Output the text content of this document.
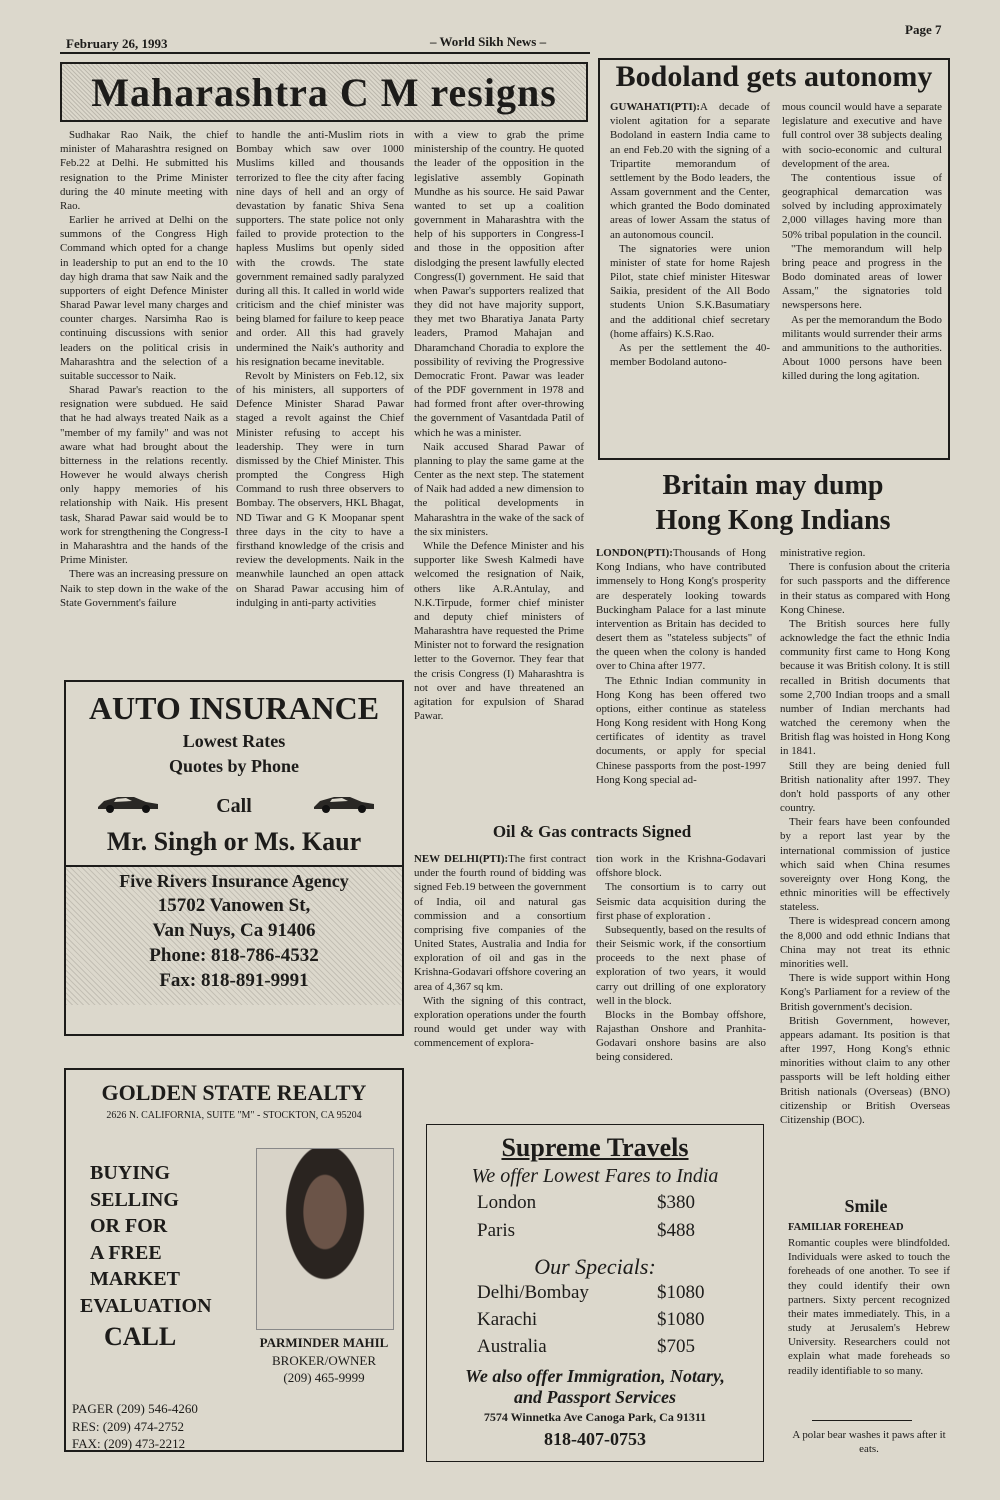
February 26, 1993	– World Sikh News –
Page 7
Maharashtra C M resigns

Sudhakar Rao Naik, the chief minister of Maharashtra resigned on Feb.22 at Delhi. He submitted his resignation to the Prime Minister during the 40 minute meeting with Rao.

Earlier he arrived at Delhi on the summons of the Congress High Command which opted for a change in leadership to put an end to the 10 day high drama that saw Naik and the supporters of eight Defence Minister Sharad Pawar level many charges and counter charges. Narsimha Rao is continuing discussions with senior leaders on the political crisis in Maharashtra and the selection of a suitable successor to Naik.

Sharad Pawar's reaction to the resignation were subdued. He said that he had always treated Naik as a "member of my family" and was not aware what had brought about the bitterness in the relations recently. However he would always cherish only happy memories of his relationship with Naik. His present task, Sharad Pawar said would be to work for strengthening the Congress-I in Maharashtra and the hands of the Prime Minister.

There was an increasing pressure on Naik to step down in the wake of the State Government's failure

to handle the anti-Muslim riots in Bombay which saw over 1000 Muslims killed and thousands terrorized to flee the city after facing nine days of hell and an orgy of devastation by fanatic Shiva Sena supporters. The state police not only failed to provide protection to the hapless Muslims but openly sided with the crowds. The state government remained sadly paralyzed during all this. It called in world wide criticism and the chief minister was being blamed for failure to keep peace and order. All this had gravely undermined the Naik's authority and his resignation became inevitable.

Revolt by Ministers on Feb.12, six of his ministers, all supporters of Defence Minister Sharad Pawar staged a revolt against the Chief Minister refusing to accept his leadership. They were in turn dismissed by the Chief Minister. This prompted the Congress High Command to rush three observers to Bombay. The observers, HKL Bhagat, ND Tiwar and G K Moopanar spent three days in the city to have a firsthand knowledge of the crisis and review the developments. Naik in the meanwhile launched an open attack on Sharad Pawar accusing him of indulging in anti-party activities

with a view to grab the prime ministership of the country. He quoted the leader of the opposition in the legislative assembly Gopinath Mundhe as his source. He said Pawar wanted to set up a coalition government in Maharashtra with the help of his supporters in Congress-I and those in the opposition after dislodging the present lawfully elected Congress(I) government. He said that when Pawar's supporters realized that they did not have majority support, they met two Bharatiya Janata Party leaders, Pramod Mahajan and Dharamchand Choradia to explore the possibility of reviving the Progressive Democratic Front. Pawar was leader of the PDF government in 1978 and had formed front after over-throwing the government of Vasantdada Patil of which he was a minister.

Naik accused Sharad Pawar of planning to play the same game at the Center as the next step. The statement of Naik had added a new dimension to the political developments in Maharashtra in the wake of the sack of the six ministers.

While the Defence Minister and his supporter like Swesh Kalmedi have welcomed the resignation of Naik, others like A.R.Antulay, and N.K.Tirpude, former chief minister and deputy chief ministers of Maharashtra have requested the Prime Minister not to forward the resignation letter to the Governor. They fear that the crisis Congress (I) Maharashtra is not over and have threatened an agitation for expulsion of Sharad Pawar.

Bodoland gets autonomy

GUWAHATI(PTI):A decade of violent agitation for a separate Bodoland in eastern India came to an end Feb.20 with the signing of a Tripartite memorandum of settlement by the Bodo leaders, the Assam government and the Center, which granted the Bodo dominated areas of lower Assam the status of an autonomous council.

The signatories were union minister of state for home Rajesh Pilot, state chief minister Hiteswar Saikia, president of the All Bodo students Union S.K.Basumatiary and the additional chief secretary (home affairs) K.S.Rao.

As per the settlement the 40-member Bodoland autono-

mous council would have a separate legislature and executive and have full control over 38 subjects dealing with socio-economic and cultural development of the area.

The contentious issue of geographical demarcation was solved by including approximately 2,000 villages having more than 50% tribal population in the council.

"The memorandum will help bring peace and progress in the Bodo dominated areas of lower Assam," the signatories told newspersons here.

As per the memorandum the Bodo militants would surrender their arms and ammunitions to the authorities. About 1000 persons have been killed during the long agitation.

Britain may dump
Hong Kong Indians

LONDON(PTI):Thousands of Hong Kong Indians, who have contributed immensely to Hong Kong's prosperity are desperately looking towards Buckingham Palace for a last minute intervention as Britain has decided to desert them as "stateless subjects" of the queen when the colony is handed over to China after 1977.

The Ethnic Indian community in Hong Kong has been offered two options, either continue as stateless Hong Kong resident with Hong Kong certificates of identity as travel documents, or apply for special Chinese passports from the post-1997 Hong Kong special ad-

ministrative region.

There is confusion about the criteria for such passports and the difference in their status as compared with Hong Kong Chinese.

The British sources here fully acknowledge the fact the ethnic India community first came to Hong Kong because it was British colony. It is still recalled in British documents that some 2,700 Indian troops and a small number of Indian merchants had watched the ceremony when the British flag was hoisted in Hong Kong in 1841.

Still they are being denied full British nationality after 1997. They don't hold passports of any other country.

Their fears have been confounded by a report last year by the international commission of justice which said when China resumes sovereignty over Hong Kong, the ethnic minorities will be effectively stateless.

There is widespread concern among the 8,000 and odd ethnic Indians that China may not treat its ethnic minorities well.

There is wide support within Hong Kong's Parliament for a review of the British government's decision.

British Government, however, appears adamant. Its position is that after 1997, Hong Kong's ethnic minorities without claim to any other passports will be left holding either British nationals (Overseas) (BNO) citizenship or British Overseas Citizenship (BOC).

Oil & Gas contracts Signed

NEW DELHI(PTI):The first contract under the fourth round of bidding was signed Feb.19 between the government of India, oil and natural gas commission and a consortium comprising five companies of the United States, Australia and India for exploration of oil and gas in the Krishna-Godavari offshore covering an area of 4,367 sq km.

With the signing of this contract, exploration operations under the fourth round would get under way with commencement of explora-

tion work in the Krishna-Godavari offshore block.

The consortium is to carry out Seismic data acquisition during the first phase of exploration .

Subsequently, based on the results of their Seismic work, if the consortium proceeds to the next phase of exploration of two years, it would carry out drilling of one exploratory well in the block.

Blocks in the Bombay offshore, Rajasthan Onshore and Pranhita-Godavari onshore basins are also being considered.

AUTO INSURANCE
Lowest Rates
Quotes by Phone
Call
Mr. Singh or Ms. Kaur
Five Rivers Insurance Agency
15702 Vanowen St,
Van Nuys, Ca 91406
Phone: 818-786-4532
Fax: 818-891-9991
GOLDEN STATE REALTY
2626 N. CALIFORNIA, SUITE "M" - STOCKTON, CA 95204
BUYING
SELLING
OR FOR
A FREE
MARKET
EVALUATION
CALL	PARMINDER MAHIL
BROKER/OWNER
(209) 465-9999
PAGER (209) 546-4260
RES: (209) 474-2752
FAX: (209) 473-2212
Supreme Travels
We offer Lowest Fares to India
London	$380
Paris	$488
Our Specials:
Delhi/Bombay	$1080
Karachi	$1080
Australia	$705
We also offer Immigration, Notary,
and Passport Services
7574 Winnetka Ave Canoga Park, Ca 91311
818-407-0753
Smile
FAMILIAR FOREHEAD

Romantic couples were blindfolded. Individuals were asked to touch the foreheads of one another. To see if they could identify their own partners. Sixty percent recognized their mates immediately. This, in a study at Jerusalem's Hebrew University. Researchers could not explain what made foreheads so readily identifiable to so many.

A polar bear washes it paws after it eats.
